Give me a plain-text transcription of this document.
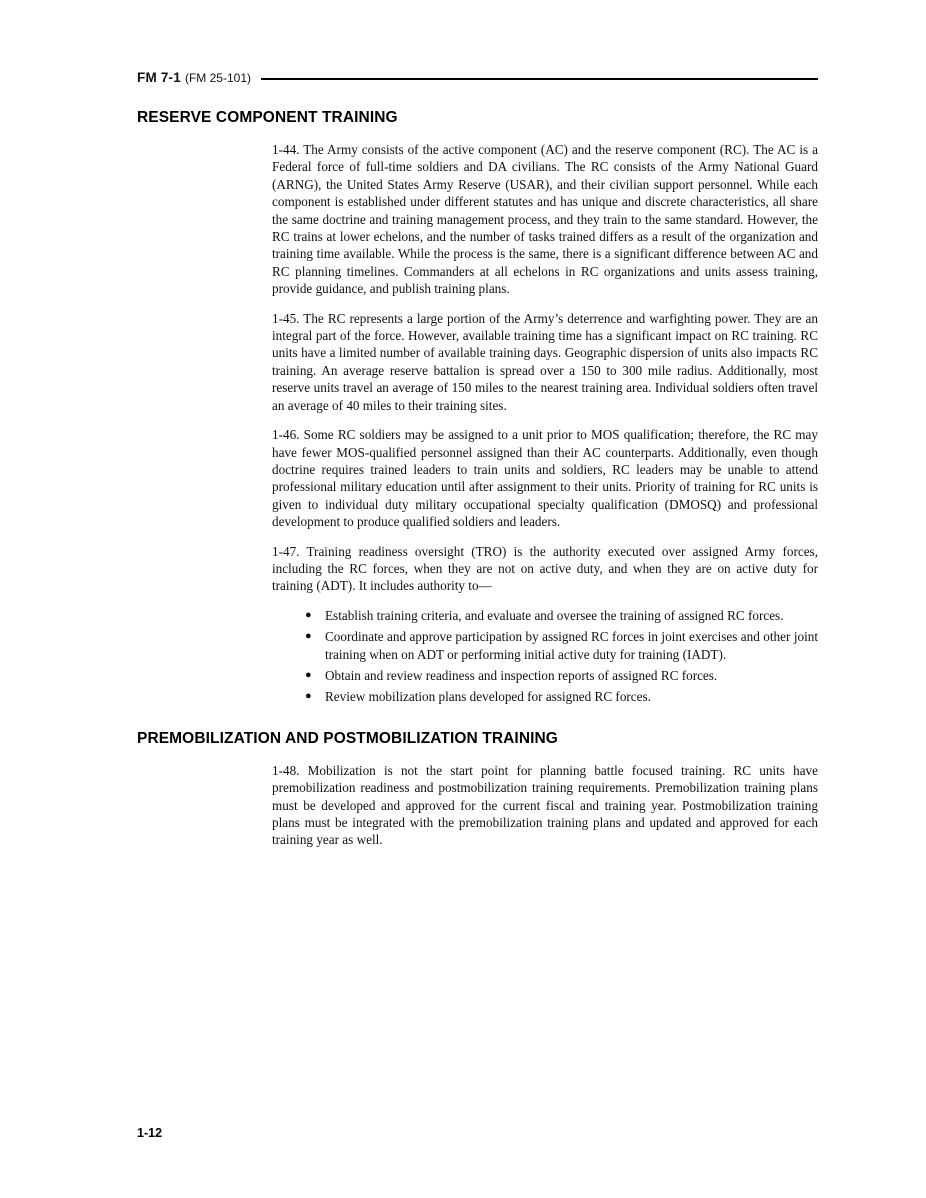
FM 7-1 (FM 25-101)
RESERVE COMPONENT TRAINING

1-44. The Army consists of the active component (AC) and the reserve component (RC). The AC is a Federal force of full-time soldiers and DA civilians. The RC consists of the Army National Guard (ARNG), the United States Army Reserve (USAR), and their civilian support personnel. While each component is established under different statutes and has unique and discrete characteristics, all share the same doctrine and training management process, and they train to the same standard. However, the RC trains at lower echelons, and the number of tasks trained differs as a result of the organization and training time available. While the process is the same, there is a significant difference between AC and RC planning timelines. Commanders at all echelons in RC organizations and units assess training, provide guidance, and publish training plans.

1-45. The RC represents a large portion of the Army’s deterrence and warfighting power. They are an integral part of the force. However, available training time has a significant impact on RC training. RC units have a limited number of available training days. Geographic dispersion of units also impacts RC training. An average reserve battalion is spread over a 150 to 300 mile radius. Additionally, most reserve units travel an average of 150 miles to the nearest training area. Individual soldiers often travel an average of 40 miles to their training sites.

1-46. Some RC soldiers may be assigned to a unit prior to MOS qualification; therefore, the RC may have fewer MOS-qualified personnel assigned than their AC counterparts. Additionally, even though doctrine requires trained leaders to train units and soldiers, RC leaders may be unable to attend professional military education until after assignment to their units. Priority of training for RC units is given to individual duty military occupational specialty qualification (DMOSQ) and professional development to produce qualified soldiers and leaders.

1-47. Training readiness oversight (TRO) is the authority executed over assigned Army forces, including the RC forces, when they are not on active duty, and when they are on active duty for training (ADT). It includes authority to—

● Establish training criteria, and evaluate and oversee the training of assigned RC forces.
● Coordinate and approve participation by assigned RC forces in joint exercises and other joint training when on ADT or performing initial active duty for training (IADT).
● Obtain and review readiness and inspection reports of assigned RC forces.
● Review mobilization plans developed for assigned RC forces.
PREMOBILIZATION AND POSTMOBILIZATION TRAINING

1-48. Mobilization is not the start point for planning battle focused training. RC units have premobilization readiness and postmobilization training requirements. Premobilization training plans must be developed and approved for the current fiscal and training year. Postmobilization training plans must be integrated with the premobilization training plans and updated and approved for each training year as well.

1-12
